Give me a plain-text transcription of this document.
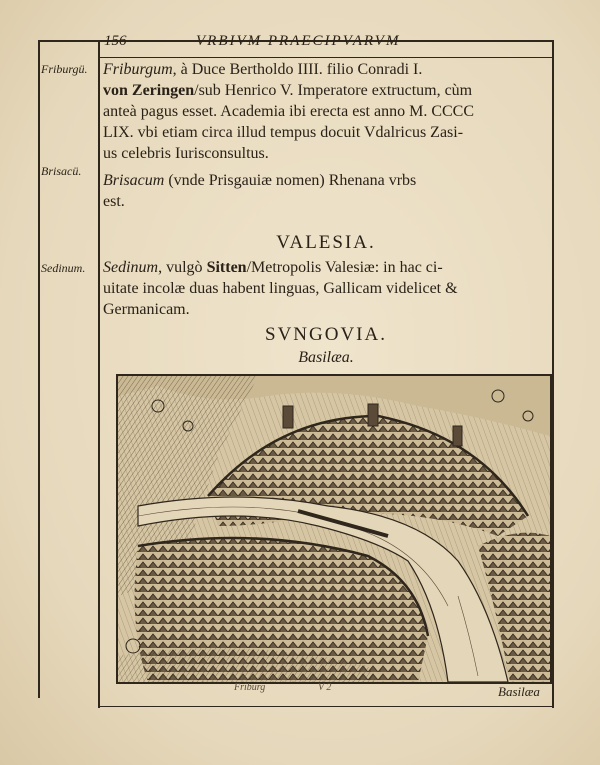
156	VRBIVM PRAECIPVARVM
Friburgü.
Brisacü.
Sedinum.
Friburgum, à Duce Bertholdo IIII. filio Conradi I.
von Zeringen/sub Henrico V. Imperatore extructum, cùm
anteà pagus esset. Academia ibi erecta est anno M. CCCC
LIX. vbi etiam circa illud tempus docuit Vdalricus Zasi-
us celebris Iurisconsultus.
Brisacum (vnde Prisgauiæ nomen) Rhenana vrbs
est.
VALESIA.
Sedinum, vulgò Sitten/Metropolis Valesiæ: in hac ci-
uitate incolæ duas habent linguas, Gallicam videlicet &
Germanicam.
SVNGOVIA.
Basilæa.
Friburg	V 2	Basilæa
